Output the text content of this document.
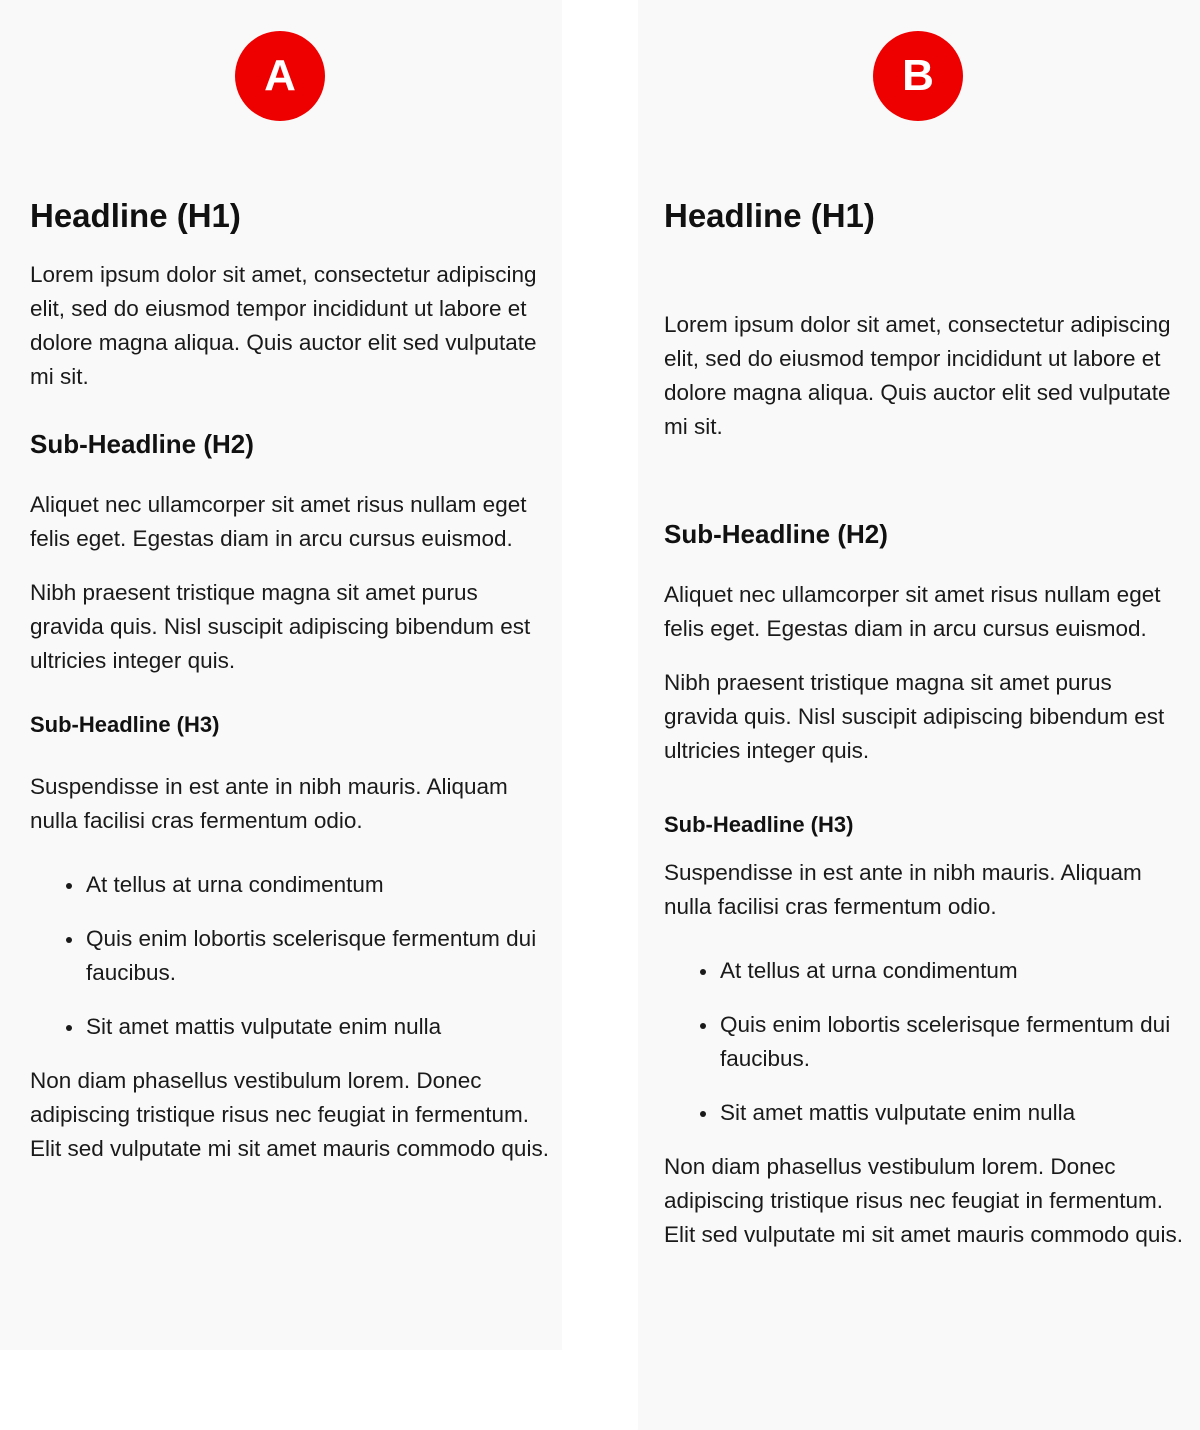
A
Headline (H1)

Lorem ipsum dolor sit amet, consectetur adipiscing elit, sed do eiusmod tempor incididunt ut labore et dolore magna aliqua. Quis auctor elit sed vulputate mi sit.

Sub-Headline (H2)

Aliquet nec ullamcorper sit amet risus nullam eget felis eget. Egestas diam in arcu cursus euismod.

Nibh praesent tristique magna sit amet purus gravida quis. Nisl suscipit adipiscing bibendum est ultricies integer quis.

Sub-Headline (H3)

Suspendisse in est ante in nibh mauris. Aliquam nulla facilisi cras fermentum odio.

At tellus at urna condimentum
Quis enim lobortis scelerisque fermentum dui faucibus.
Sit amet mattis vulputate enim nulla

Non diam phasellus vestibulum lorem. Donec adipiscing tristique risus nec feugiat in fermentum. Elit sed vulputate mi sit amet mauris commodo quis.

B
Headline (H1)

Lorem ipsum dolor sit amet, consectetur adipiscing elit, sed do eiusmod tempor incididunt ut labore et dolore magna aliqua. Quis auctor elit sed vulputate mi sit.

Sub-Headline (H2)

Aliquet nec ullamcorper sit amet risus nullam eget felis eget. Egestas diam in arcu cursus euismod.

Nibh praesent tristique magna sit amet purus gravida quis. Nisl suscipit adipiscing bibendum est ultricies integer quis.

Sub-Headline (H3)

Suspendisse in est ante in nibh mauris. Aliquam nulla facilisi cras fermentum odio.

At tellus at urna condimentum
Quis enim lobortis scelerisque fermentum dui faucibus.
Sit amet mattis vulputate enim nulla

Non diam phasellus vestibulum lorem. Donec adipiscing tristique risus nec feugiat in fermentum. Elit sed vulputate mi sit amet mauris commodo quis.
